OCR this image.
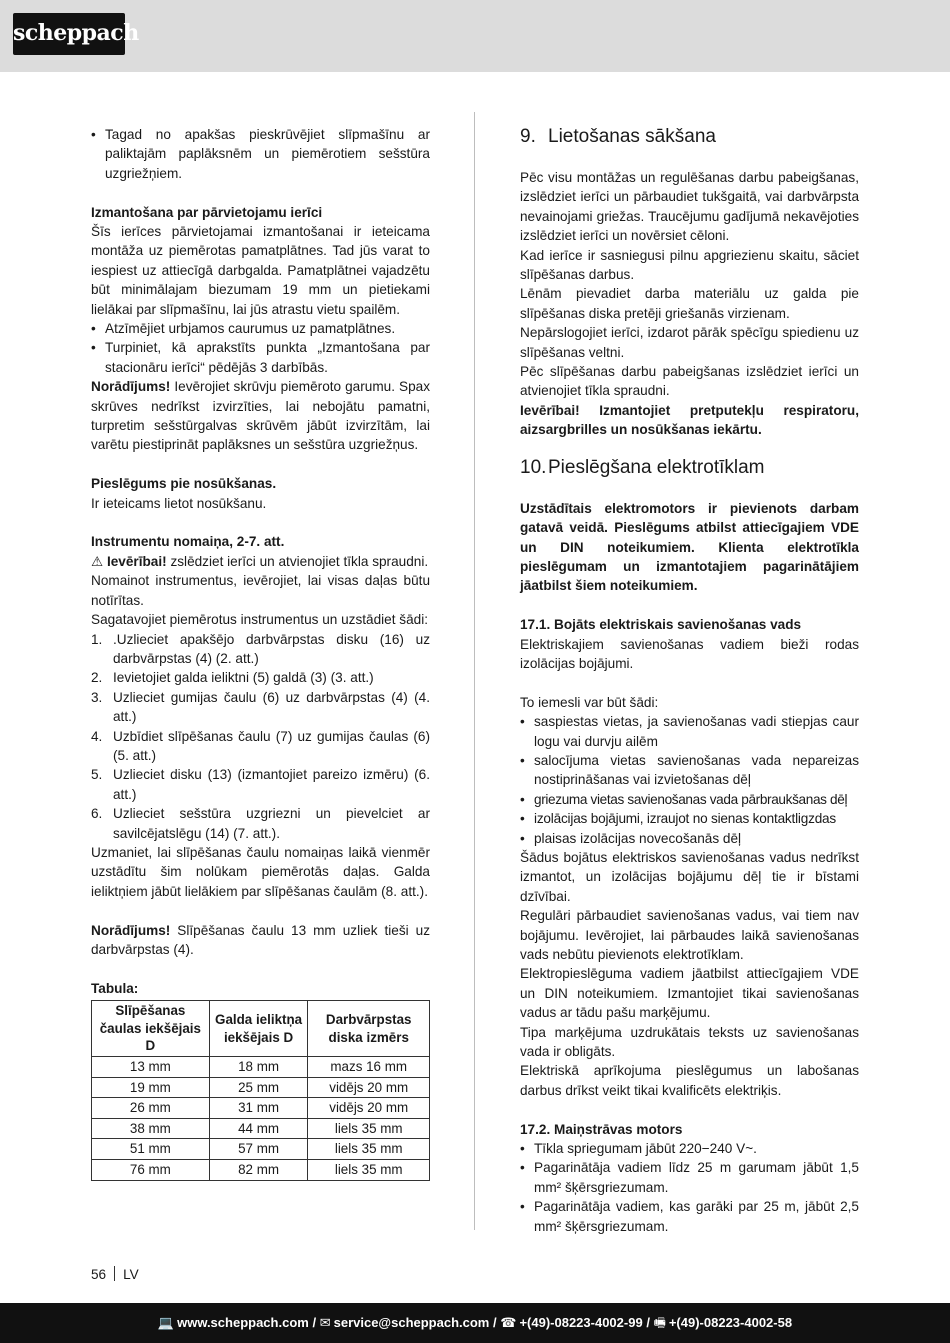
scheppach

• Tagad no apakšas pieskrūvējiet slīpmašīnu ar paliktajām paplāksnēm un piemērotiem sešstūra uzgriežņiem.

Izmantošana par pārvietojamu ierīci

Šīs ierīces pārvietojamai izmantošanai ir ieteicama montāža uz piemērotas pamatplātnes. Tad jūs varat to iespiest uz attiecīgā darbgalda. Pamatplātnei vajadzētu būt minimālajam biezumam 19 mm un pietiekami lielākai par slīpmašīnu, lai jūs atrastu vietu spailēm.

• Atzīmējiet urbjamos caurumus uz pamatplātnes.

• Turpiniet, kā aprakstīts punkta „Izmantošana par stacionāru ierīci“ pēdējās 3 darbībās.

Norādījums! Ievērojiet skrūvju piemēroto garumu. Spax skrūves nedrīkst izvirzīties, lai nebojātu pamatni, turpretim sešstūrgalvas skrūvēm jābūt izvirzītām, lai varētu piestiprināt paplāksnes un sešstūra uzgriežņus.

Pieslēgums pie nosūkšanas.

Ir ieteicams lietot nosūkšanu.

Instrumentu nomaiņa, 2-7. att.

⚠ Ievērībai! zslēdziet ierīci un atvienojiet tīkla spraudni.

Nomainot instrumentus, ievērojiet, lai visas daļas būtu notīrītas.

Sagatavojiet piemērotus instrumentus un uzstādiet šādi:

1. .Uzlieciet apakšējo darbvārpstas disku (16) uz darbvārpstas (4) (2. att.)

2. Ievietojiet galda ieliktni (5) galdā (3) (3. att.)

3. Uzlieciet gumijas čaulu (6) uz darbvārpstas (4) (4. att.)

4. Uzbīdiet slīpēšanas čaulu (7) uz gumijas čaulas (6) (5. att.)

5. Uzlieciet disku (13) (izmantojiet pareizo izmēru) (6. att.)

6. Uzlieciet sešstūra uzgriezni un pievelciet ar savilcējatslēgu (14) (7. att.).

Uzmaniet, lai slīpēšanas čaulu nomaiņas laikā vienmēr uzstādītu šim nolūkam piemērotās daļas. Galda ieliktņiem jābūt lielākiem par slīpēšanas čaulām (8. att.).

Norādījums! Slīpēšanas čaulu 13 mm uzliek tieši uz darbvārpstas (4).

Tabula:

Slīpēšanas čaulas iekšējais D	Galda ieliktņa iekšējais D	Darbvārpstas diska izmērs
13 mm	18 mm	mazs 16 mm
19 mm	25 mm	vidējs 20 mm
26 mm	31 mm	vidējs 20 mm
38 mm	44 mm	liels 35 mm
51 mm	57 mm	liels 35 mm
76 mm	82 mm	liels 35 mm
9. Lietošanas sākšana

Pēc visu montāžas un regulēšanas darbu pabeigšanas, izslēdziet ierīci un pārbaudiet tukšgaitā, vai darbvārpsta nevainojami griežas. Traucējumu gadījumā nekavējoties izslēdziet ierīci un novērsiet cēloni.

Kad ierīce ir sasniegusi pilnu apgriezienu skaitu, sāciet slīpēšanas darbus.

Lēnām pievadiet darba materiālu uz galda pie slīpēšanas diska pretēji griešanās virzienam.

Nepārslogojiet ierīci, izdarot pārāk spēcīgu spiedienu uz slīpēšanas veltni.

Pēc slīpēšanas darbu pabeigšanas izslēdziet ierīci un atvienojiet tīkla spraudni.

Ievērībai! Izmantojiet pretputekļu respiratoru, aizsargbrilles un nosūkšanas iekārtu.

10.Pieslēgšana elektrotīklam

Uzstādītais elektromotors ir pievienots darbam gatavā veidā. Pieslēgums atbilst attiecīgajiem VDE un DIN noteikumiem. Klienta elektrotīkla pieslēgumam un izmantotajiem pagarinātājiem jāatbilst šiem noteikumiem.

17.1. Bojāts elektriskais savienošanas vads

Elektriskajiem savienošanas vadiem bieži rodas izolācijas bojājumi.

To iemesli var būt šādi:

• saspiestas vietas, ja savienošanas vadi stiepjas caur logu vai durvju ailēm

• salocījuma vietas savienošanas vada nepareizas nostiprināšanas vai izvietošanas dēļ

• griezuma vietas savienošanas vada pārbraukšanas dēļ

• izolācijas bojājumi, izraujot no sienas kontaktligzdas

• plaisas izolācijas novecošanās dēļ

Šādus bojātus elektriskos savienošanas vadus nedrīkst izmantot, un izolācijas bojājumu dēļ tie ir bīstami dzīvībai.

Regulāri pārbaudiet savienošanas vadus, vai tiem nav bojājumu. Ievērojiet, lai pārbaudes laikā savienošanas vads nebūtu pievienots elektrotīklam.

Elektropieslēguma vadiem jāatbilst attiecīgajiem VDE un DIN noteikumiem. Izmantojiet tikai savienošanas vadus ar tādu pašu marķējumu.

Tipa marķējuma uzdrukātais teksts uz savienošanas vada ir obligāts.

Elektriskā aprīkojuma pieslēgumus un labošanas darbus drīkst veikt tikai kvalificēts elektriķis.

17.2. Maiņstrāvas motors

• Tīkla spriegumam jābūt 220−240 V~.

• Pagarinātāja vadiem līdz 25 m garumam jābūt 1,5 mm² šķērsgriezumam.

• Pagarinātāja vadiem, kas garāki par 25 m, jābūt 2,5 mm² šķērsgriezumam.

56 LV
💻 www.scheppach.com / ✉ service@scheppach.com / ☎ +(49)-08223-4002-99 / 🖷 +(49)-08223-4002-58
